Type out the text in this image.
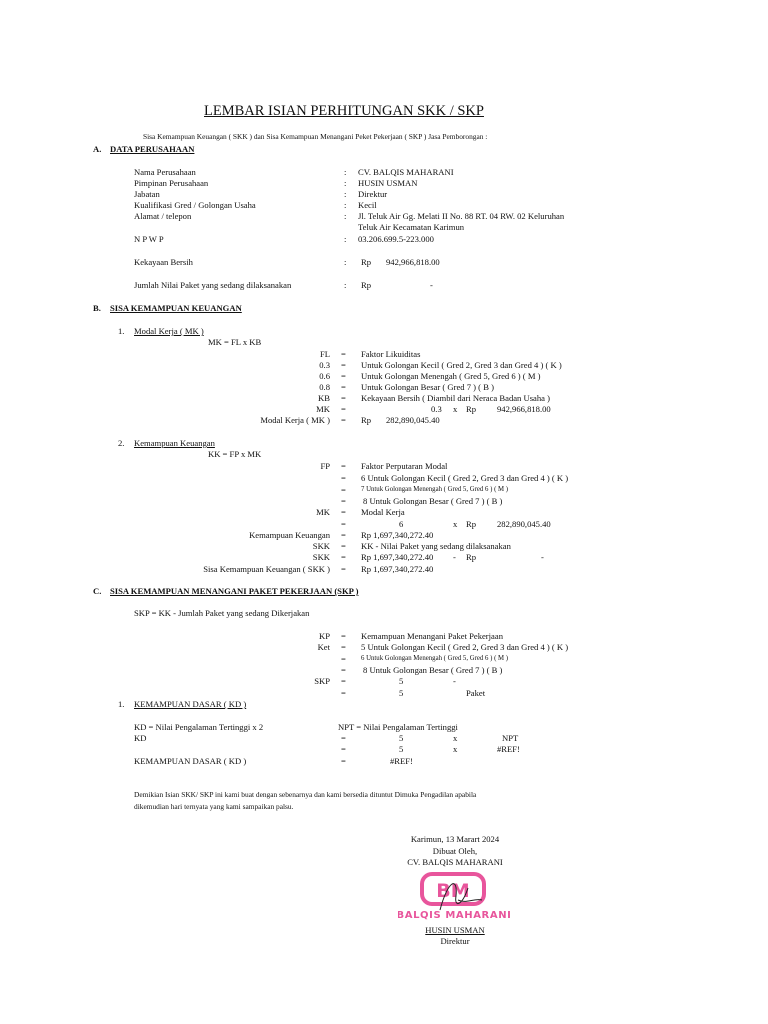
LEMBAR ISIAN PERHITUNGAN SKK / SKP
Sisa Kemampuan Keuangan ( SKK ) dan Sisa Kemampuan Menangani Peket Pekerjaan ( SKP ) Jasa Pemborongan :
A. DATA PERUSAHAAN
Nama Perusahaan	: CV. BALQIS MAHARANI
Pimpinan Perusahaan	: HUSIN USMAN
Jabatan	: Direktur
Kualifikasi Gred / Golongan Usaha	: Kecil
Alamat / telepon	: Jl. Teluk Air Gg. Melati II No. 88 RT. 04 RW. 02 Keluruhan
Teluk Air Kecamatan Karimun
N P W P	: 03.206.699.5-223.000
Kekayaan Bersih	: Rp 942,966,818.00
Jumlah Nilai Paket yang sedang dilaksanakan	: Rp	-
B. SISA KEMAMPUAN KEUANGAN
1. Modal Kerja ( MK )
MK = FL x KB
FL = Faktor Likuiditas
0.3 = Untuk Golongan Kecil ( Gred 2, Gred 3 dan Gred 4 ) ( K )
0.6 = Untuk Golongan Menengah ( Gred 5, Gred 6 ) ( M )
0.8 = Untuk Golongan Besar ( Gred 7 ) ( B )
KB = Kekayaan Bersih ( Diambil dari Neraca Badan Usaha )
MK =	0.3 x Rp 942,966,818.00
Modal Kerja ( MK ) = Rp 282,890,045.40
2. Kemampuan Keuangan
KK = FP x MK
FP = Faktor Perputaran Modal
= 6 Untuk Golongan Kecil ( Gred 2, Gred 3 dan Gred 4 ) ( K )
= 7 Untuk Golongan Menengah ( Gred 5, Gred 6 ) ( M )
= 8 Untuk Golongan Besar ( Gred 7 ) ( B )
MK = Modal Kerja
=	6	x Rp 282,890,045.40
Kemampuan Keuangan = Rp 1,697,340,272.40
SKK = KK - Nilai Paket yang sedang dilaksanakan
SKK = Rp 1,697,340,272.40 - Rp	-
Sisa Kemampuan Keuangan ( SKK ) = Rp 1,697,340,272.40
C. SISA KEMAMPUAN MENANGANI PAKET PEKERJAAN (SKP )
SKP = KK - Jumlah Paket yang sedang Dikerjakan
KP = Kemampuan Menangani Paket Pekerjaan
Ket = 5 Untuk Golongan Kecil ( Gred 2, Gred 3 dan Gred 4 ) ( K )
= 6 Untuk Golongan Menengah ( Gred 5, Gred 6 ) ( M )
= 8 Untuk Golongan Besar ( Gred 7 ) ( B )
SKP =	5	-
=	5	Paket
1. KEMAMPUAN DASAR ( KD )
KD = Nilai Pengalaman Tertinggi x 2	NPT = Nilai Pengalaman Tertinggi
KD	=	5	x	NPT
=	5	x	#REF!
KEMAMPUAN DASAR ( KD )	=	#REF!
Demikian Isian SKK/ SKP ini kami buat dengan sebenarnya dan kami bersedia dituntut Dimuka Pengadilan apabila
dikemudian hari ternyata yang kami sampaikan palsu.
Karimun, 13 Marart 2024
Dibuat Oleh,
CV. BALQIS MAHARANI
BM
BALQIS MAHARANI
HUSIN USMAN
Direktur
